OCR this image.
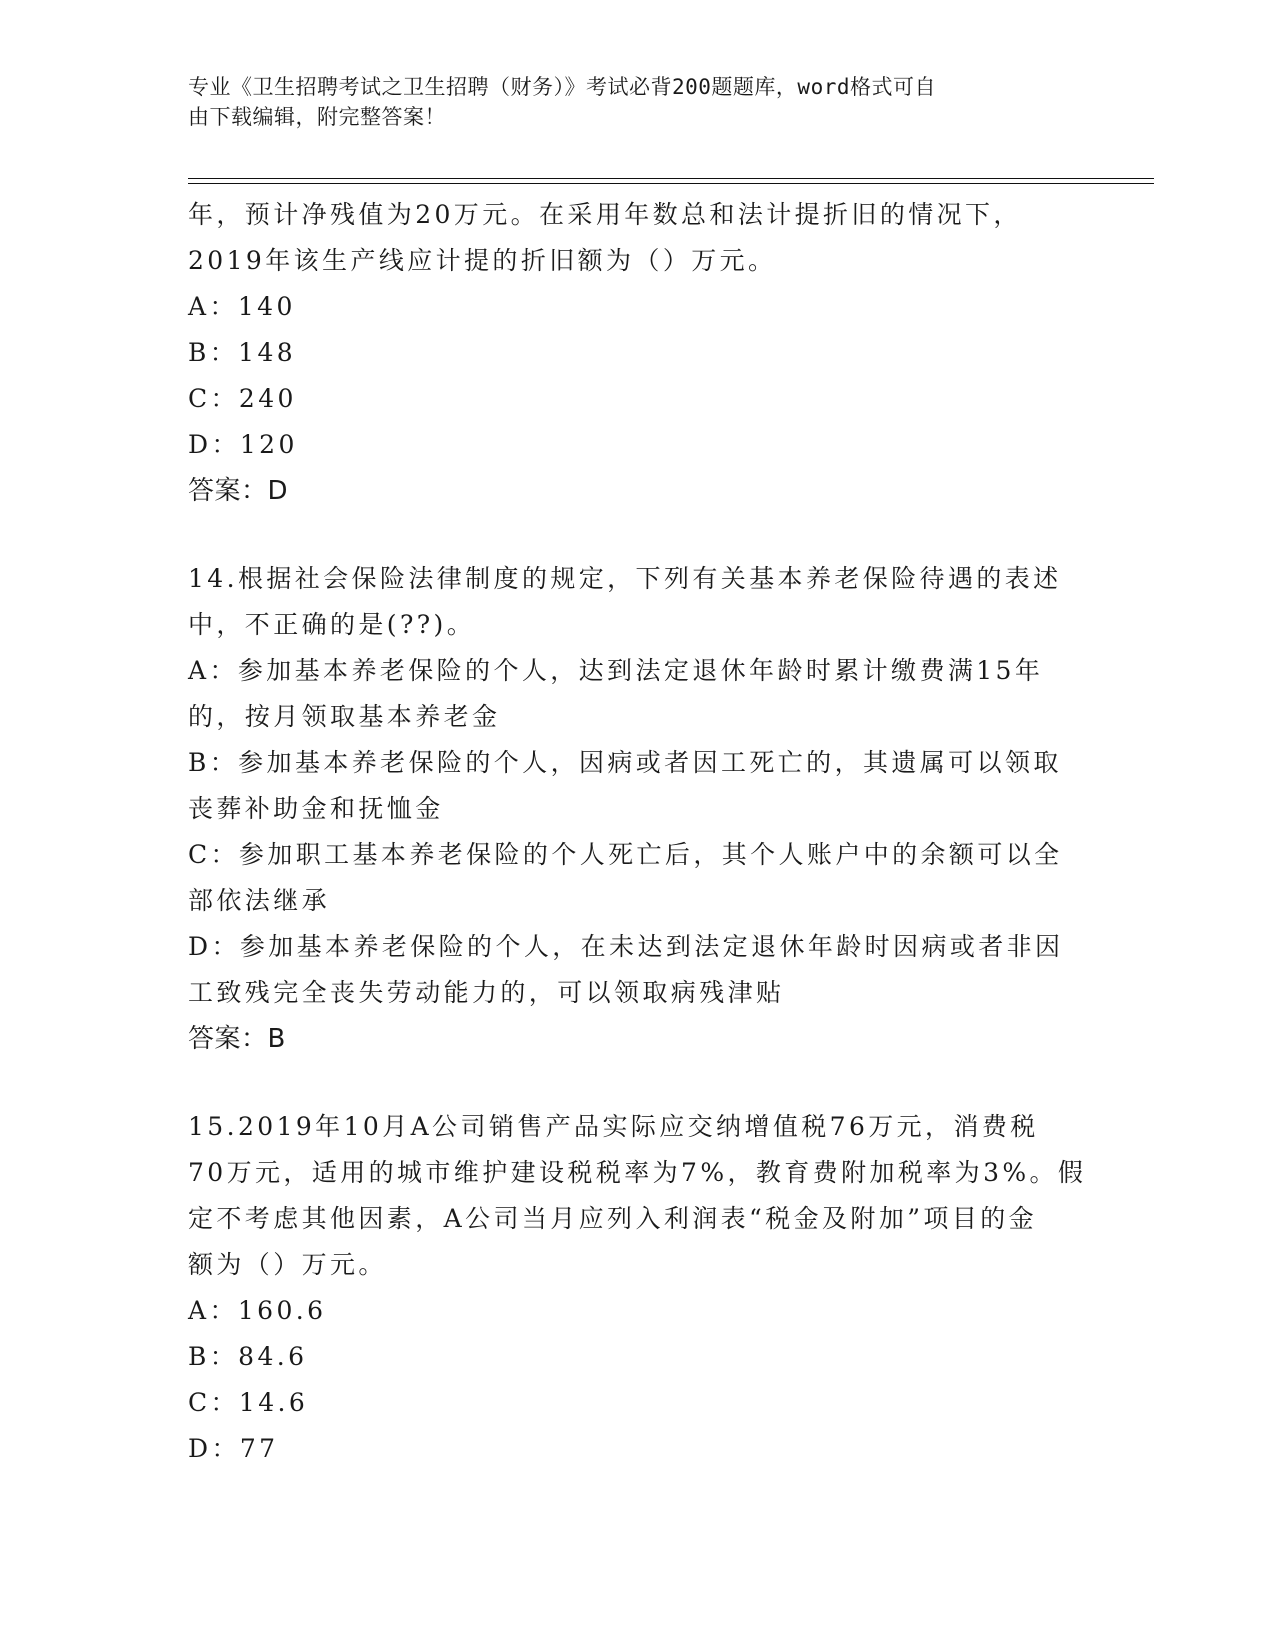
专业《卫生招聘考试之卫生招聘（财务）》考试必背200题题库，word格式可自
由下载编辑，附完整答案！
年，预计净残值为20万元。在采用年数总和法计提折旧的情况下，
2019年该生产线应计提的折旧额为（）万元。
A：140
B：148
C：240
D：120
答案：D
14.根据社会保险法律制度的规定，下列有关基本养老保险待遇的表述
中，不正确的是(??)。
A：参加基本养老保险的个人，达到法定退休年龄时累计缴费满15年
的，按月领取基本养老金
B：参加基本养老保险的个人，因病或者因工死亡的，其遗属可以领取
丧葬补助金和抚恤金
C：参加职工基本养老保险的个人死亡后，其个人账户中的余额可以全
部依法继承
D：参加基本养老保险的个人，在未达到法定退休年龄时因病或者非因
工致残完全丧失劳动能力的，可以领取病残津贴
答案：B
15.2019年10月A公司销售产品实际应交纳增值税76万元，消费税
70万元，适用的城市维护建设税税率为7%，教育费附加税率为3%。假
定不考虑其他因素，A公司当月应列入利润表“税金及附加”项目的金
额为（）万元。
A：160.6
B：84.6
C：14.6
D：77
